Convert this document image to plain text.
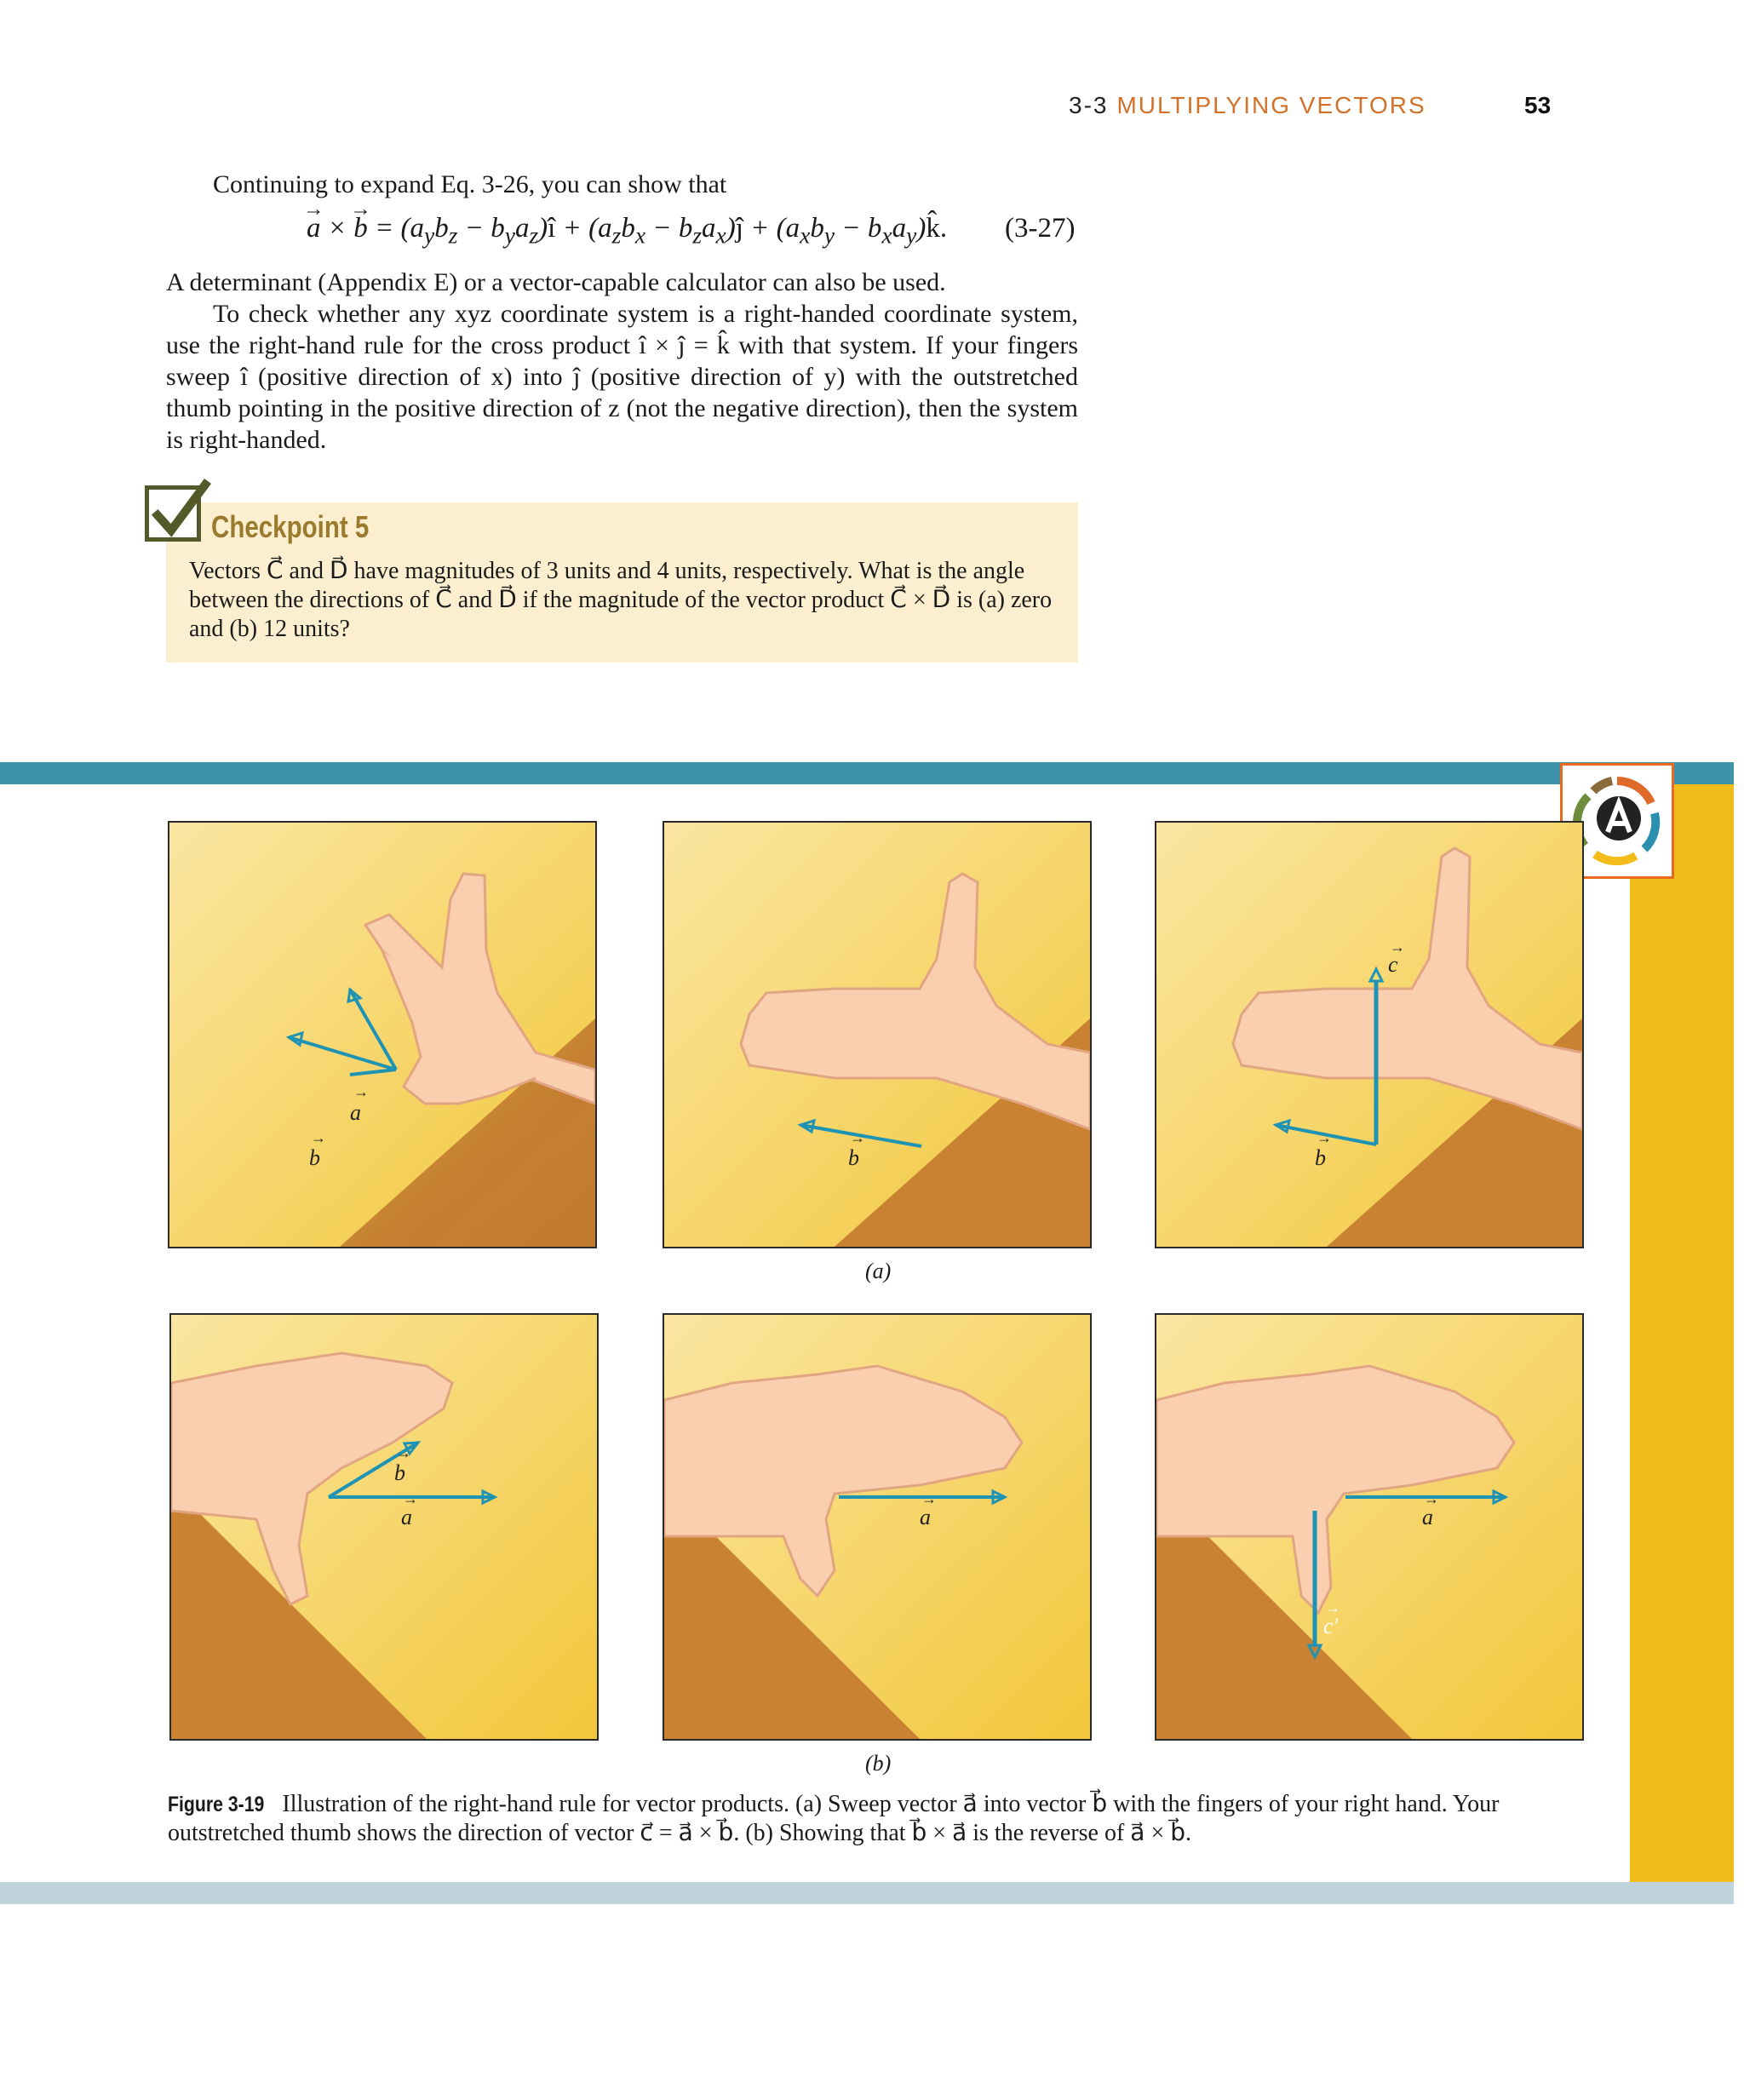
3-3 MULTIPLYING VECTORS	53
Continuing to expand Eq. 3-26, you can show that
→ a × → $b = (a_yb_z$ − $b_ya_z)î + (a_zb_x$ − $b_za_x)ĵ + (a_xb_y$ − $b_xa_y)k̂$.	(3-27)
A determinant (Appendix E) or a vector-capable calculator can also be used.
To check whether any xyz coordinate system is a right-handed coordinate system, use the right-hand rule for the cross product î × ĵ = k̂ with that system. If your fingers sweep î (positive direction of x) into ĵ (positive direction of y) with the outstretched thumb pointing in the positive direction of z (not the negative direction), then the system is right-handed.
Checkpoint 5
Vectors C⃗ and D⃗ have magnitudes of 3 units and 4 units, respectively. What is the angle between the directions of C⃗ and D⃗ if the magnitude of the vector product C⃗ × D⃗ is (a) zero and (b) 12 units?
a
→
b
→
b
→
c
→
b
→
(a)
b
→
a
→
a
→
c′
→
a
→
(b)
Figure 3-19 Illustration of the right-hand rule for vector products. (a) Sweep vector a⃗ into vector b⃗ with the fingers of your right hand. Your outstretched thumb shows the direction of vector c⃗ = a⃗ × b⃗. (b) Showing that b⃗ × a⃗ is the reverse of a⃗ × b⃗.
